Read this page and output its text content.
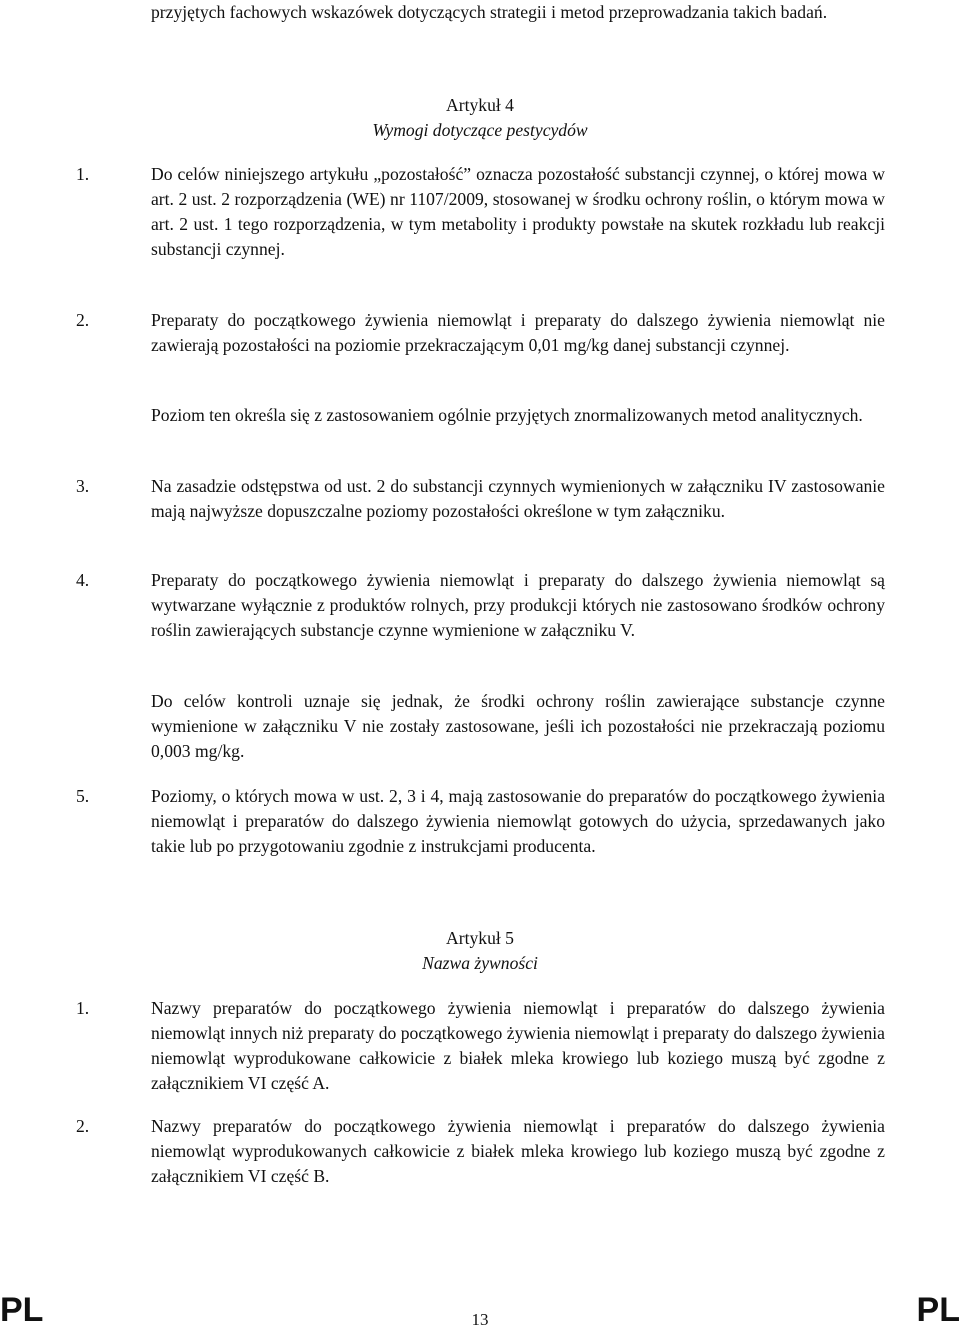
przyjętych fachowych wskazówek dotyczących strategii i metod przeprowadzania takich badań.

Artykuł 4

Wymogi dotyczące pestycydów

1.	Do celów niniejszego artykułu „pozostałość” oznacza pozostałość substancji czynnej, o której mowa w art. 2 ust. 2 rozporządzenia (WE) nr 1107/2009, stosowanej w środku ochrony roślin, o którym mowa w art. 2 ust. 1 tego rozporządzenia, w tym metabolity i produkty powstałe na skutek rozkładu lub reakcji substancji czynnej.

2.	Preparaty do początkowego żywienia niemowląt i preparaty do dalszego żywienia niemowląt nie zawierają pozostałości na poziomie przekraczającym 0,01 mg/kg danej substancji czynnej.

Poziom ten określa się z zastosowaniem ogólnie przyjętych znormalizowanych metod analitycznych.

3.	Na zasadzie odstępstwa od ust. 2 do substancji czynnych wymienionych w załączniku IV zastosowanie mają najwyższe dopuszczalne poziomy pozostałości określone w tym załączniku.

4.	Preparaty do początkowego żywienia niemowląt i preparaty do dalszego żywienia niemowląt są wytwarzane wyłącznie z produktów rolnych, przy produkcji których nie zastosowano środków ochrony roślin zawierających substancje czynne wymienione w załączniku V.

Do celów kontroli uznaje się jednak, że środki ochrony roślin zawierające substancje czynne wymienione w załączniku V nie zostały zastosowane, jeśli ich pozostałości nie przekraczają poziomu 0,003 mg/kg.

5.	Poziomy, o których mowa w ust. 2, 3 i 4, mają zastosowanie do preparatów do początkowego żywienia niemowląt i preparatów do dalszego żywienia niemowląt gotowych do użycia, sprzedawanych jako takie lub po przygotowaniu zgodnie z instrukcjami producenta.

Artykuł 5

Nazwa żywności

1.	Nazwy preparatów do początkowego żywienia niemowląt i preparatów do dalszego żywienia niemowląt innych niż preparaty do początkowego żywienia niemowląt i preparaty do dalszego żywienia niemowląt wyprodukowane całkowicie z białek mleka krowiego lub koziego muszą być zgodne z załącznikiem VI część A.

2.	Nazwy preparatów do początkowego żywienia niemowląt i preparatów do dalszego żywienia niemowląt wyprodukowanych całkowicie z białek mleka krowiego lub koziego muszą być zgodne z załącznikiem VI część B.

PL	13	PL
